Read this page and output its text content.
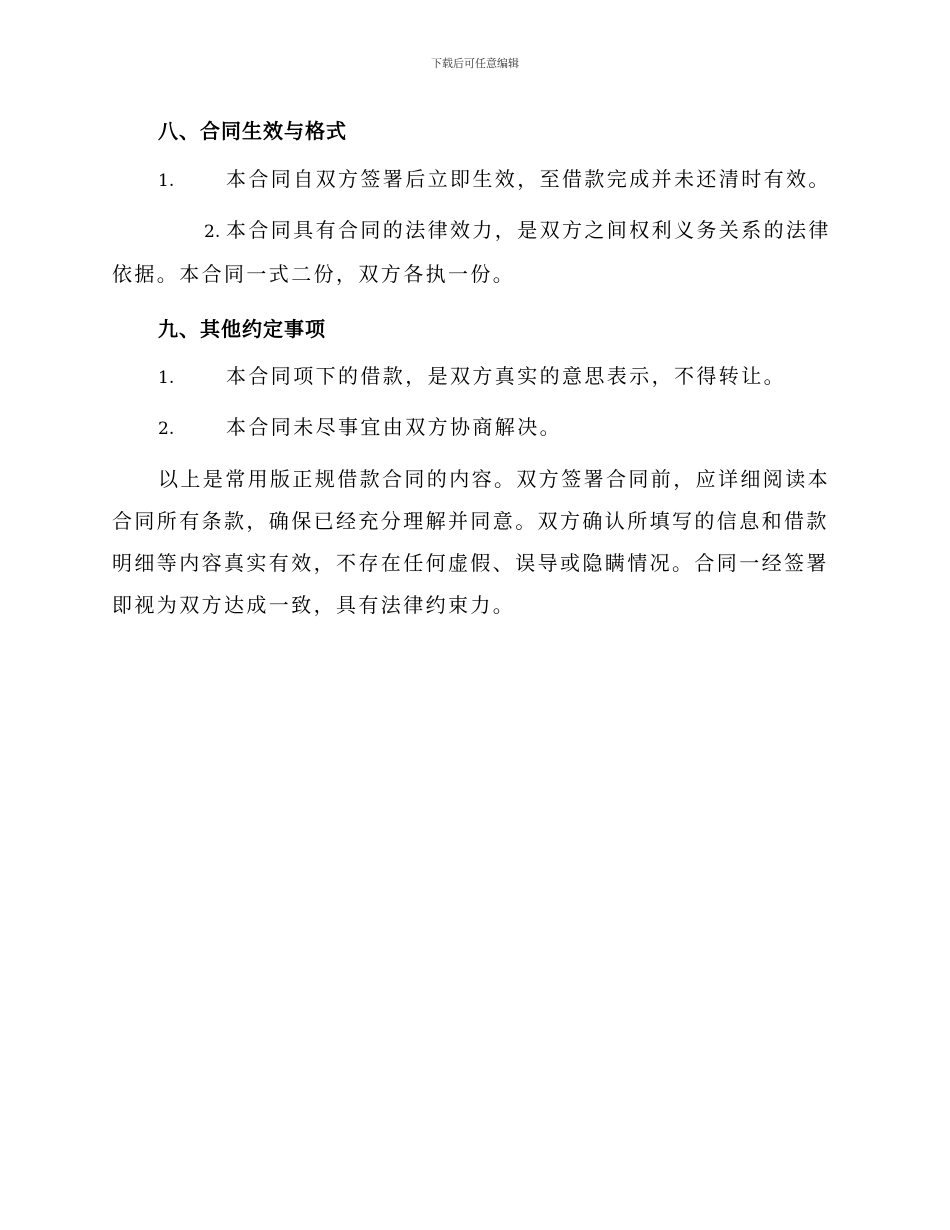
下载后可任意编辑
八、合同生效与格式
1.	本合同自双方签署后立即生效，至借款完成并未还清时有效。
2. 本合同具有合同的法律效力，是双方之间权利义务关系的法律依据。本合同一式二份，双方各执一份。
九、其他约定事项
1.	本合同项下的借款，是双方真实的意思表示，不得转让。
2.	本合同未尽事宜由双方协商解决。
以上是常用版正规借款合同的内容。双方签署合同前，应详细阅读本合同所有条款，确保已经充分理解并同意。双方确认所填写的信息和借款明细等内容真实有效，不存在任何虚假、误导或隐瞒情况。合同一经签署即视为双方达成一致，具有法律约束力。
